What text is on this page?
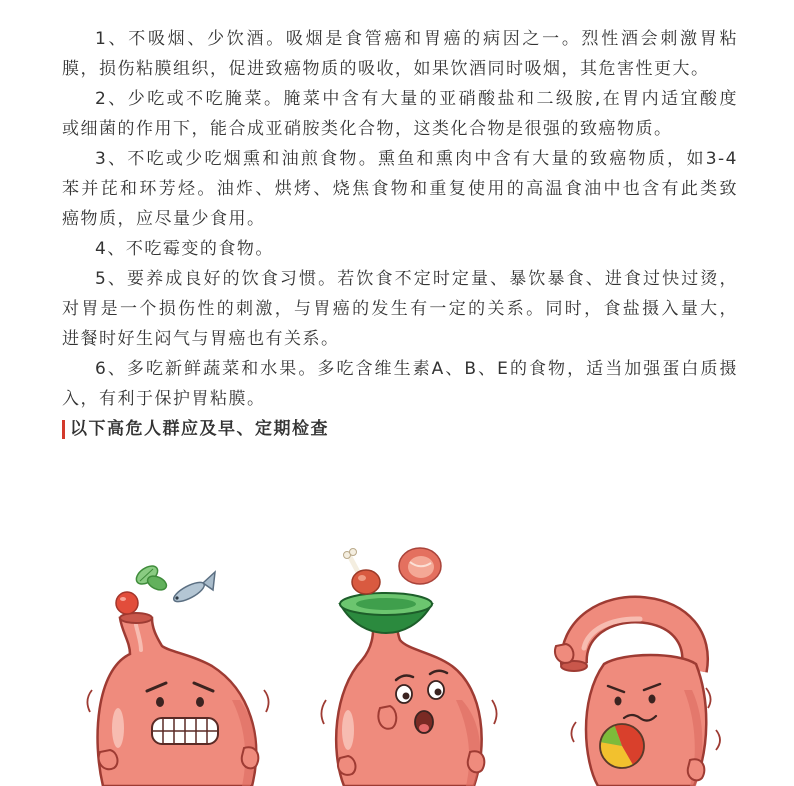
1、不吸烟、少饮酒。吸烟是食管癌和胃癌的病因之一。烈性酒会刺激胃粘
膜，损伤粘膜组织，促进致癌物质的吸收，如果饮酒同时吸烟，其危害性更大。
2、少吃或不吃腌菜。腌菜中含有大量的亚硝酸盐和二级胺,在胃内适宜酸度
或细菌的作用下，能合成亚硝胺类化合物，这类化合物是很强的致癌物质。
3、不吃或少吃烟熏和油煎食物。熏鱼和熏肉中含有大量的致癌物质，如3-4
苯并芘和环芳烃。油炸、烘烤、烧焦食物和重复使用的高温食油中也含有此类致
癌物质，应尽量少食用。
4、不吃霉变的食物。
5、要养成良好的饮食习惯。若饮食不定时定量、暴饮暴食、进食过快过烫，
对胃是一个损伤性的刺激，与胃癌的发生有一定的关系。同时，食盐摄入量大，
进餐时好生闷气与胃癌也有关系。
6、多吃新鲜蔬菜和水果。多吃含维生素A、B、E的食物，适当加强蛋白质摄
入，有利于保护胃粘膜。
以下高危人群应及早、定期检查
